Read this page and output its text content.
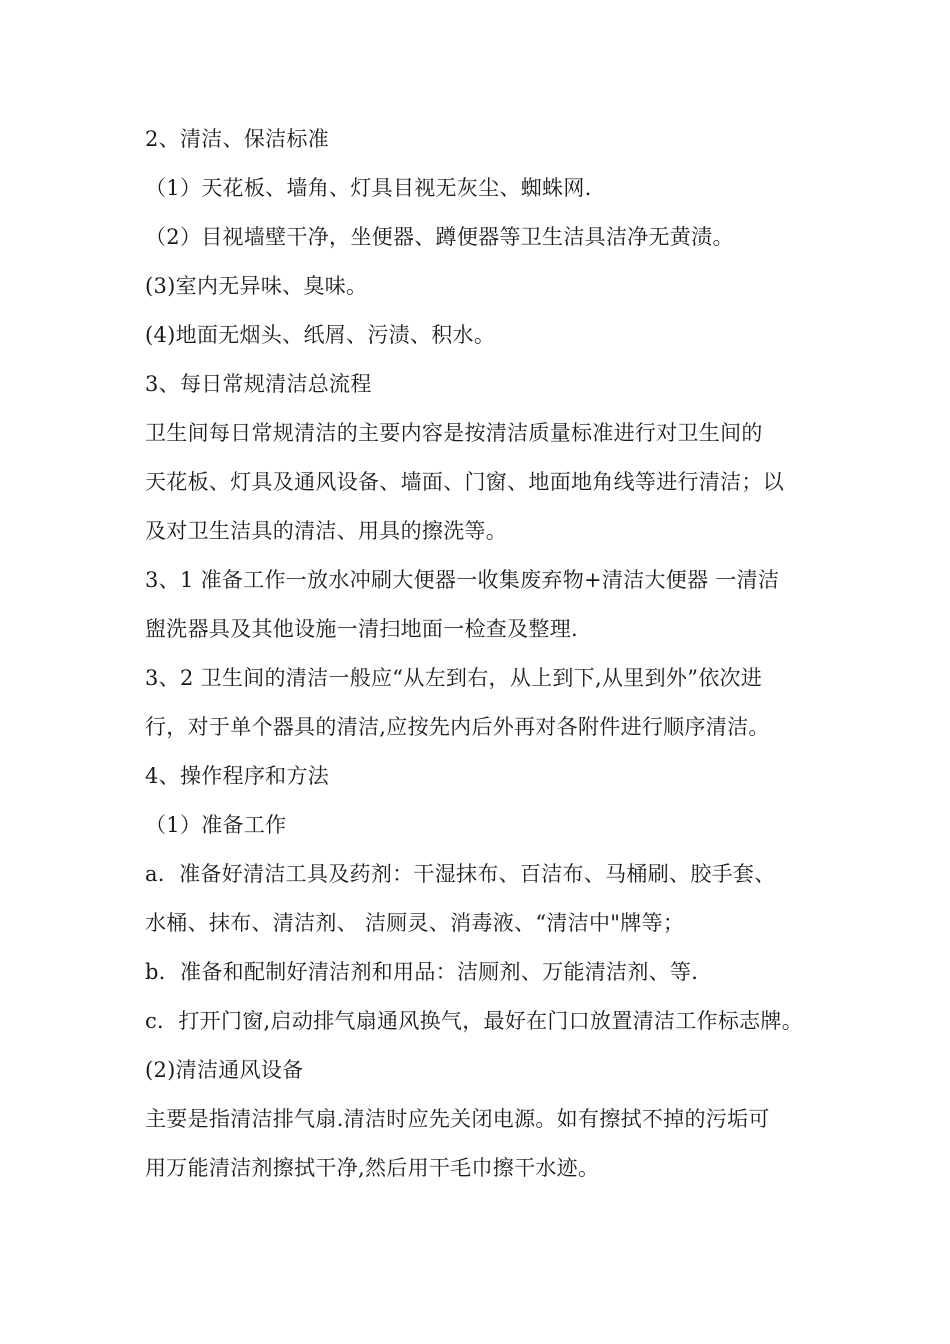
2、清洁、保洁标准
（1）天花板、墙角、灯具目视无灰尘、蜘蛛网.
（2）目视墙壁干净，坐便器、蹲便器等卫生洁具洁净无黄渍。
(3)室内无异味、臭味。
(4)地面无烟头、纸屑、污渍、积水。
3、每日常规清洁总流程
卫生间每日常规清洁的主要内容是按清洁质量标准进行对卫生间的
天花板、灯具及通风设备、墙面、门窗、地面地角线等进行清洁；以
及对卫生洁具的清洁、用具的擦洗等。
3、1 准备工作一放水冲刷大便器一收集废弃物+清洁大便器 一清洁
盥洗器具及其他设施一清扫地面一检查及整理.
3、2 卫生间的清洁一般应“从左到右，从上到下,从里到外”依次进
行，对于单个器具的清洁,应按先内后外再对各附件进行顺序清洁。
4、操作程序和方法
（1）准备工作
a．准备好清洁工具及药剂：干湿抹布、百洁布、马桶刷、胶手套、
水桶、抹布、清洁剂、 洁厕灵、消毒液、“清洁中"牌等；
b．准备和配制好清洁剂和用品：洁厕剂、万能清洁剂、等.
c．打开门窗,启动排气扇通风换气，最好在门口放置清洁工作标志牌。
(2)清洁通风设备
主要是指清洁排气扇.清洁时应先关闭电源。如有擦拭不掉的污垢可
用万能清洁剂擦拭干净,然后用干毛巾擦干水迹。
